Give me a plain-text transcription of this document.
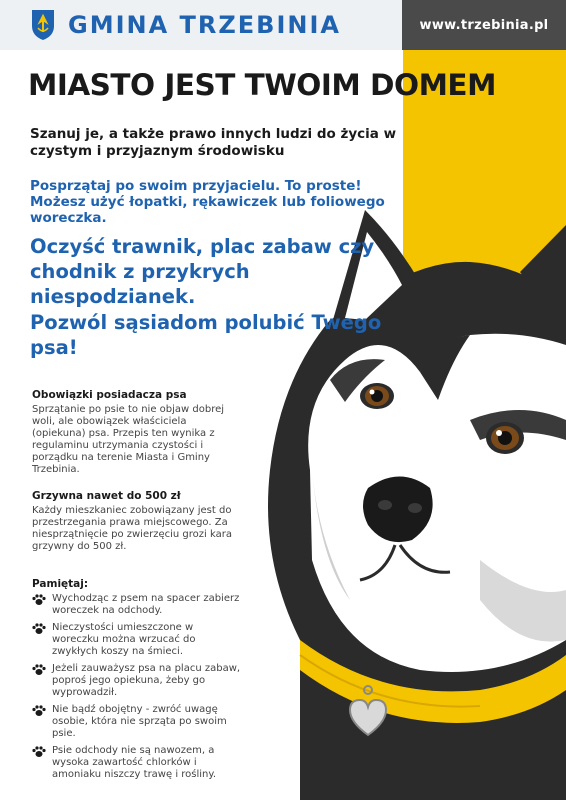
GMINA TRZEBINIA	www.trzebinia.pl
MIASTO JEST TWOIM DOMEM
Szanuj je, a także prawo innych ludzi do życia w czystym i przyjaznym środowisku
Posprzątaj po swoim przyjacielu. To proste! Możesz użyć łopatki, rękawiczek lub foliowego woreczka.
Oczyść trawnik, plac zabaw czy chodnik z przykrych niespodzianek.
Pozwól sąsiadom polubić Twego psa!
Obowiązki posiadacza psa

Sprzątanie po psie to nie objaw dobrej woli, ale obowiązek właściciela (opiekuna) psa. Przepis ten wynika z regulaminu utrzymania czystości i porządku na terenie Miasta i Gminy Trzebinia.

Grzywna nawet do 500 zł

Każdy mieszkaniec zobowiązany jest do przestrzegania prawa miejscowego. Za niesprzątnięcie po zwierzęciu grozi kara grzywny do 500 zł.

Pamiętaj:
Wychodząc z psem na spacer zabierz woreczek na odchody.
Nieczystości umieszczone w woreczku można wrzucać do zwykłych koszy na śmieci.
Jeżeli zauważysz psa na placu zabaw, poproś jego opiekuna, żeby go wyprowadził.
Nie bądź obojętny - zwróć uwagę osobie, która nie sprząta po swoim psie.
Psie odchody nie są nawozem, a wysoka zawartość chlorków i amoniaku niszczy trawę i rośliny.
